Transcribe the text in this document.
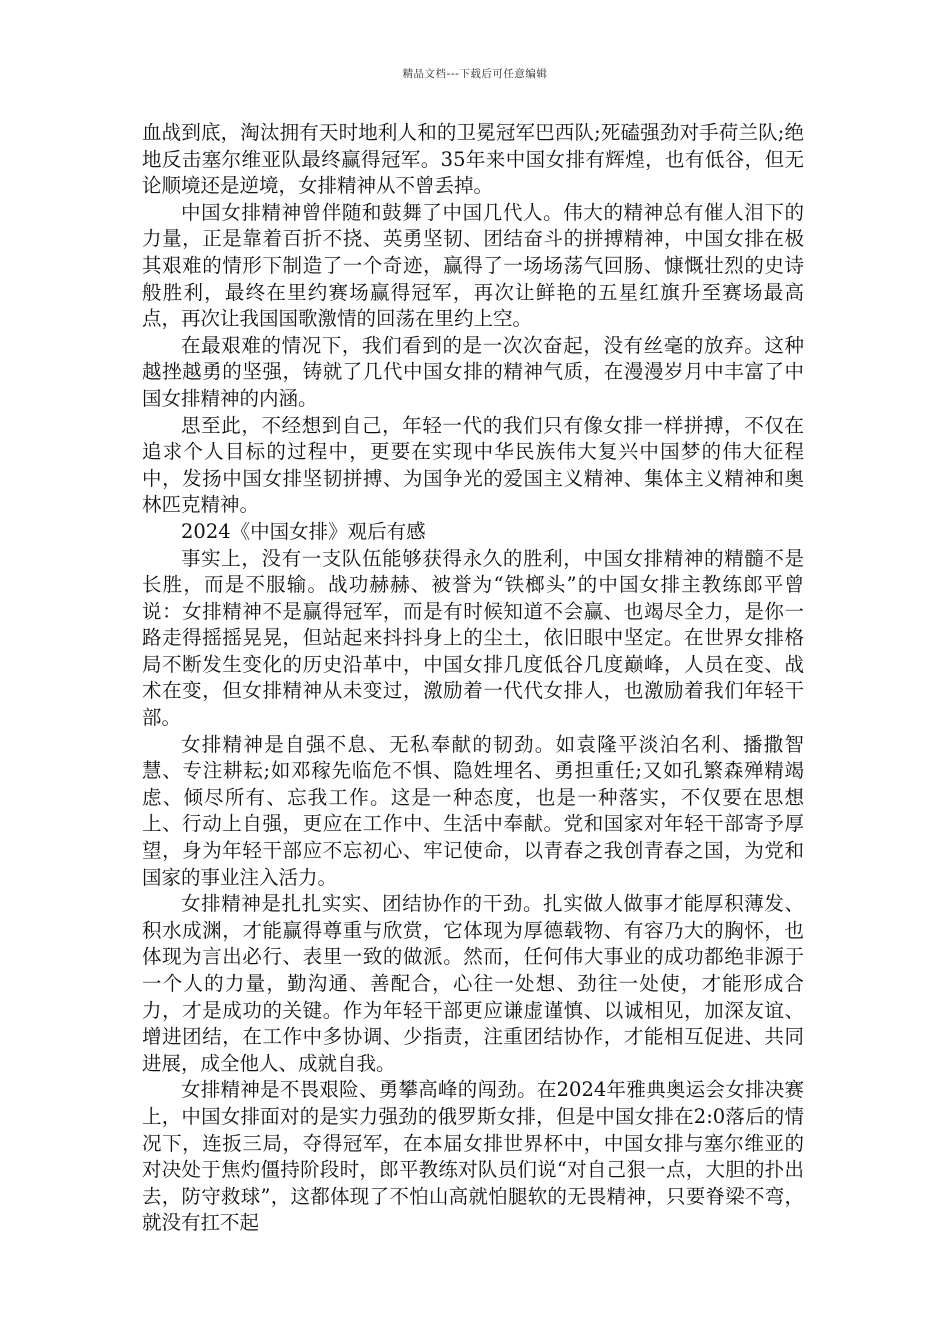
精品文档---下载后可任意编辑

血战到底，淘汰拥有天时地利人和的卫冕冠军巴西队;死磕强劲对手荷兰队;绝地反击塞尔维亚队最终赢得冠军。35年来中国女排有辉煌，也有低谷，但无论顺境还是逆境，女排精神从不曾丢掉。

中国女排精神曾伴随和鼓舞了中国几代人。伟大的精神总有催人泪下的力量，正是靠着百折不挠、英勇坚韧、团结奋斗的拼搏精神，中国女排在极其艰难的情形下制造了一个奇迹，赢得了一场场荡气回肠、慷慨壮烈的史诗般胜利，最终在里约赛场赢得冠军，再次让鲜艳的五星红旗升至赛场最高点，再次让我国国歌激情的回荡在里约上空。

在最艰难的情况下，我们看到的是一次次奋起，没有丝毫的放弃。这种越挫越勇的坚强，铸就了几代中国女排的精神气质，在漫漫岁月中丰富了中国女排精神的内涵。

思至此，不经想到自己，年轻一代的我们只有像女排一样拼搏，不仅在追求个人目标的过程中，更要在实现中华民族伟大复兴中国梦的伟大征程中，发扬中国女排坚韧拼搏、为国争光的爱国主义精神、集体主义精神和奥林匹克精神。

2024《中国女排》观后有感

事实上，没有一支队伍能够获得永久的胜利，中国女排精神的精髓不是长胜，而是不服输。战功赫赫、被誉为“铁榔头”的中国女排主教练郎平曾说：女排精神不是赢得冠军，而是有时候知道不会赢、也竭尽全力，是你一路走得摇摇晃晃，但站起来抖抖身上的尘土，依旧眼中坚定。在世界女排格局不断发生变化的历史沿革中，中国女排几度低谷几度巅峰，人员在变、战术在变，但女排精神从未变过，激励着一代代女排人，也激励着我们年轻干部。

女排精神是自强不息、无私奉献的韧劲。如袁隆平淡泊名利、播撒智慧、专注耕耘;如邓稼先临危不惧、隐姓埋名、勇担重任;又如孔繁森殚精竭虑、倾尽所有、忘我工作。这是一种态度，也是一种落实，不仅要在思想上、行动上自强，更应在工作中、生活中奉献。党和国家对年轻干部寄予厚望，身为年轻干部应不忘初心、牢记使命，以青春之我创青春之国，为党和国家的事业注入活力。

女排精神是扎扎实实、团结协作的干劲。扎实做人做事才能厚积薄发、积水成渊，才能赢得尊重与欣赏，它体现为厚德载物、有容乃大的胸怀，也体现为言出必行、表里一致的做派。然而，任何伟大事业的成功都绝非源于一个人的力量，勤沟通、善配合，心往一处想、劲往一处使，才能形成合力，才是成功的关键。作为年轻干部更应谦虚谨慎、以诚相见，加深友谊、增进团结，在工作中多协调、少指责，注重团结协作，才能相互促进、共同进展，成全他人、成就自我。

女排精神是不畏艰险、勇攀高峰的闯劲。在2024年雅典奥运会女排决赛上，中国女排面对的是实力强劲的俄罗斯女排，但是中国女排在2:0落后的情况下，连扳三局，夺得冠军，在本届女排世界杯中，中国女排与塞尔维亚的对决处于焦灼僵持阶段时，郎平教练对队员们说“对自己狠一点，大胆的扑出去，防守救球”，这都体现了不怕山高就怕腿软的无畏精神，只要脊梁不弯，就没有扛不起
